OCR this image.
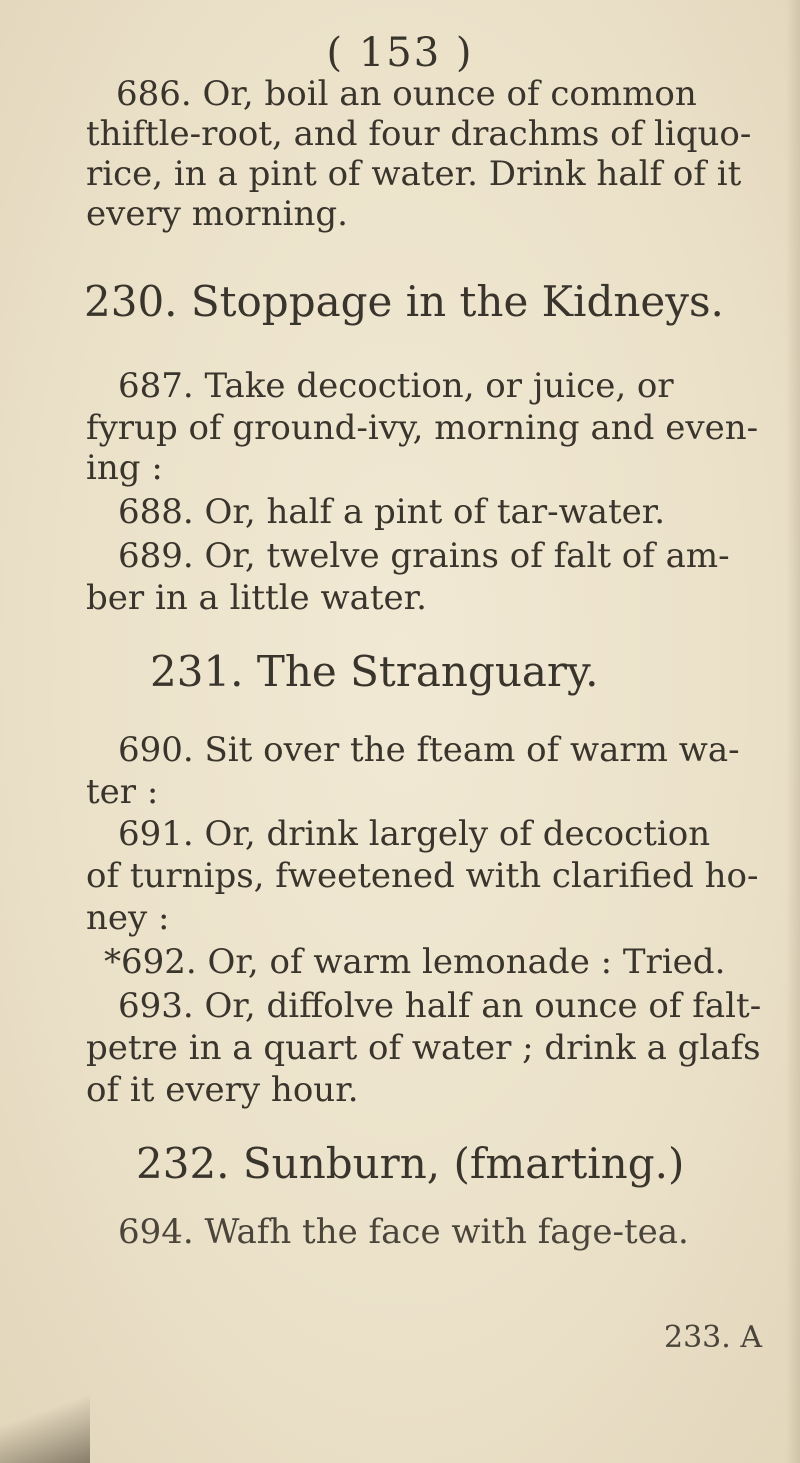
( 153 )
686. Or, boil an ounce of common
thiftle-root, and four drachms of liquo-
rice, in a pint of water. Drink half of it
every morning.
230. Stoppage in the Kidneys.
687. Take decoction, or juice, or
fyrup of ground-ivy, morning and even-
ing :
688. Or, half a pint of tar-water.
689. Or, twelve grains of falt of am-
ber in a little water.
231. The Stranguary.
690. Sit over the fteam of warm wa-
ter :
691. Or, drink largely of decoction
of turnips, fweetened with clarified ho-
ney :
*692. Or, of warm lemonade : Tried.
693. Or, diffolve half an ounce of falt-
petre in a quart of water ; drink a glafs
of it every hour.
232. Sunburn, (fmarting.)
694. Wafh the face with fage-tea.
233. A
